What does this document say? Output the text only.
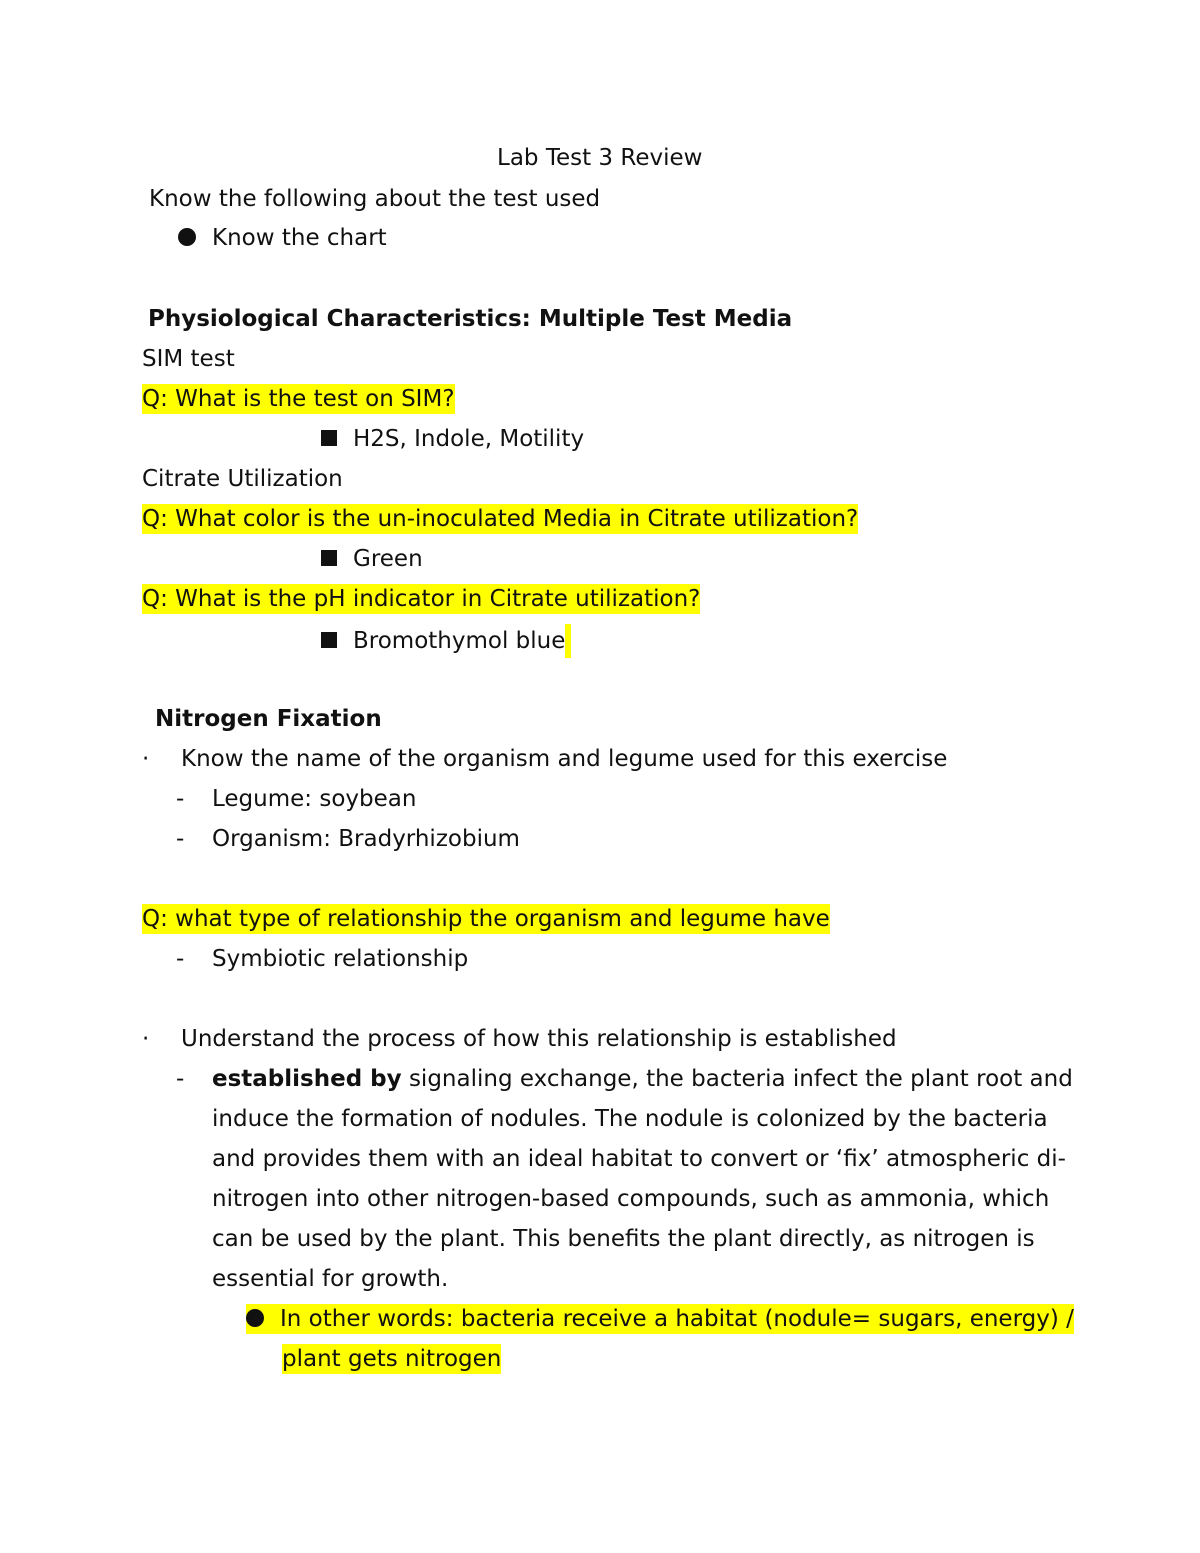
Lab Test 3 Review
Know the following about the test used
Know the chart
Physiological Characteristics: Multiple Test Media
SIM test
Q: What is the test on SIM?
H2S, Indole, Motility
Citrate Utilization
Q: What color is the un-inoculated Media in Citrate utilization?
Green
Q: What is the pH indicator in Citrate utilization?
Bromothymol blue
Nitrogen Fixation
· Know the name of the organism and legume used for this exercise
- Legume: soybean
- Organism: Bradyrhizobium
Q: what type of relationship the organism and legume have
- Symbiotic relationship
· Understand the process of how this relationship is established
- established by signaling exchange, the bacteria infect the plant root and
induce the formation of nodules. The nodule is colonized by the bacteria
and provides them with an ideal habitat to convert or ‘fix’ atmospheric di-
nitrogen into other nitrogen-based compounds, such as ammonia, which
can be used by the plant. This benefits the plant directly, as nitrogen is
essential for growth.
In other words: bacteria receive a habitat (nodule= sugars, energy) /
plant gets nitrogen
